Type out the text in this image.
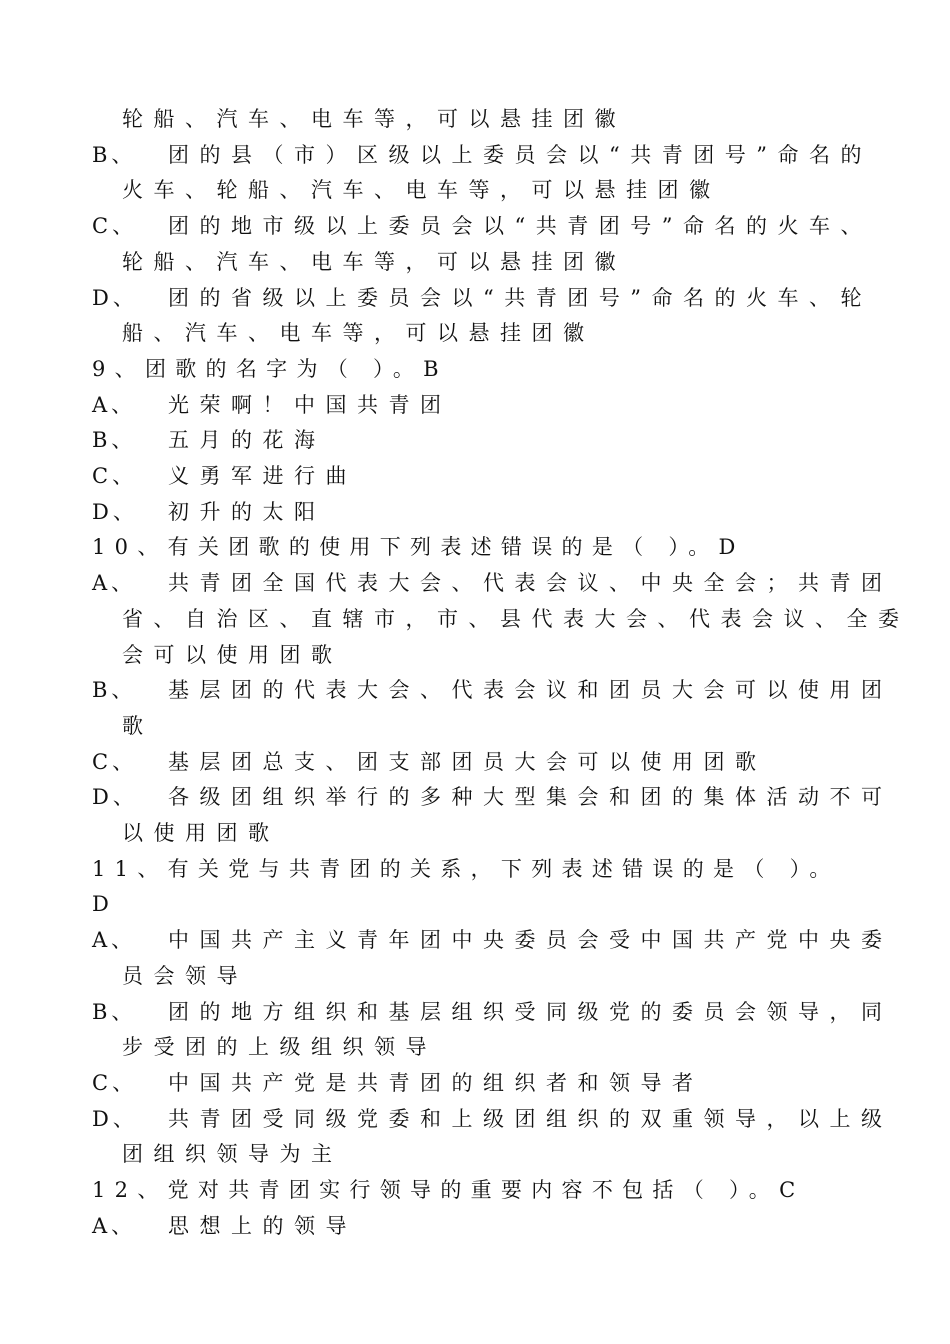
轮船、汽车、电车等，可以悬挂团徽
B、 团的县（市）区级以上委员会以“共青团号”命名的
火车、轮船、汽车、电车等，可以悬挂团徽
C、 团的地市级以上委员会以“共青团号”命名的火车、
轮船、汽车、电车等，可以悬挂团徽
D、 团的省级以上委员会以“共青团号”命名的火车、轮
船、汽车、电车等，可以悬挂团徽
9、团歌的名字为（ ）。B
A、 光荣啊！中国共青团
B、 五月的花海
C、 义勇军进行曲
D、 初升的太阳
10、有关团歌的使用下列表述错误的是（ ）。D
A、 共青团全国代表大会、代表会议、中央全会；共青团
省、自治区、直辖市，市、县代表大会、代表会议、全委
会可以使用团歌
B、 基层团的代表大会、代表会议和团员大会可以使用团
歌
C、 基层团总支、团支部团员大会可以使用团歌
D、 各级团组织举行的多种大型集会和团的集体活动不可
以使用团歌
11、有关党与共青团的关系，下列表述错误的是（ ）。
D
A、 中国共产主义青年团中央委员会受中国共产党中央委
员会领导
B、 团的地方组织和基层组织受同级党的委员会领导，同
步受团的上级组织领导
C、 中国共产党是共青团的组织者和领导者
D、 共青团受同级党委和上级团组织的双重领导，以上级
团组织领导为主
12、党对共青团实行领导的重要内容不包括（ ）。C
A、 思想上的领导
